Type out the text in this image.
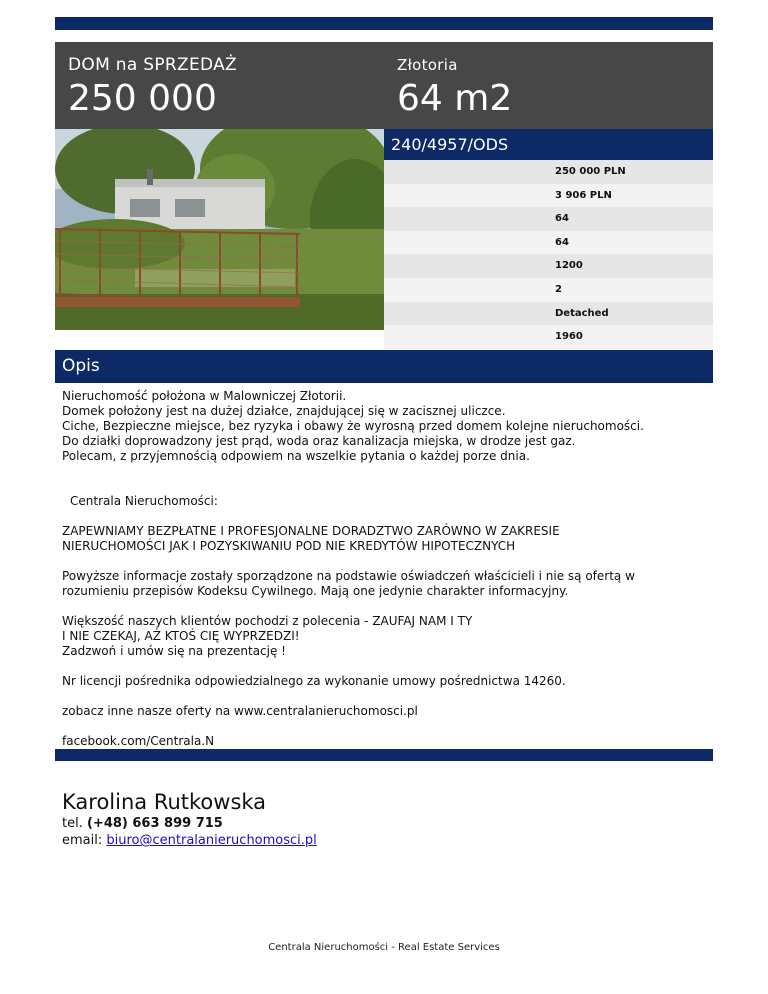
DOM na SPRZEDAŻ
250 000
Złotoria
64 m2
240/4957/ODS
250 000 PLN
3 906 PLN
64
64
1200
2
Detached
1960
Opis

Nieruchomość położona w Malowniczej Złotorii.

Domek położony jest na dużej działce, znajdującej się w zacisznej uliczce.

Ciche, Bezpieczne miejsce, bez ryzyka i obawy że wyrosną przed domem kolejne nieruchomości.

Do działki doprowadzony jest prąd, woda oraz kanalizacja miejska, w drodze jest gaz.

Polecam, z przyjemnością odpowiem na wszelkie pytania o każdej porze dnia.

Centrala Nieruchomości:

ZAPEWNIAMY BEZPŁATNE I PROFESJONALNE DORADZTWO ZARÓWNO W ZAKRESIE

NIERUCHOMOŚCI JAK I POZYSKIWANIU POD NIE KREDYTÓW HIPOTECZNYCH

Powyższe informacje zostały sporządzone na podstawie oświadczeń właścicieli i nie są ofertą w

rozumieniu przepisów Kodeksu Cywilnego. Mają one jedynie charakter informacyjny.

Większość naszych klientów pochodzi z polecenia - ZAUFAJ NAM I TY

I NIE CZEKAJ, AŻ KTOŚ CIĘ WYPRZEDZI!

Zadzwoń i umów się na prezentację !

Nr licencji pośrednika odpowiedzialnego za wykonanie umowy pośrednictwa 14260.

zobacz inne nasze oferty na www.centralanieruchomosci.pl

facebook.com/Centrala.N

Karolina Rutkowska
tel. (+48) 663 899 715
email: biuro@centralanieruchomosci.pl
Centrala Nieruchomości - Real Estate Services
